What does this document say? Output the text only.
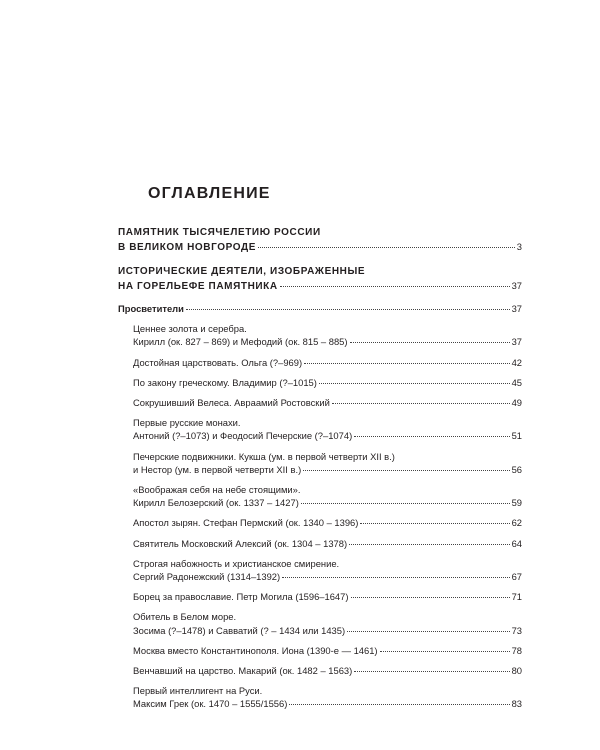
ОГЛАВЛЕНИЕ
ПАМЯТНИК ТЫСЯЧЕЛЕТИЮ РОССИИ
В ВЕЛИКОМ НОВГОРОДЕ	3
ИСТОРИЧЕСКИЕ ДЕЯТЕЛИ, ИЗОБРАЖЕННЫЕ
НА ГОРЕЛЬЕФЕ ПАМЯТНИКА	37
Просветители	37
Ценнее золота и серебра.
Кирилл (ок. 827 – 869) и Мефодий (ок. 815 – 885)	37
Достойная царствовать. Ольга (?–969)	42
По закону греческому. Владимир (?–1015)	45
Сокрушивший Велеса. Авраамий Ростовский	49
Первые русские монахи.
Антоний (?–1073) и Феодосий Печерские (?–1074)	51
Печерские подвижники. Кукша (ум. в первой четверти XII в.)
и Нестор (ум. в первой четверти XII в.)	56
«Воображая себя на небе стоящими».
Кирилл Белозерский (ок. 1337 – 1427)	59
Апостол зырян. Стефан Пермский (ок. 1340 – 1396)	62
Святитель Московский Алексий (ок. 1304 – 1378)	64
Строгая набожность и христианское смирение.
Сергий Радонежский (1314–1392)	67
Борец за православие. Петр Могила (1596–1647)	71
Обитель в Белом море.
Зосима (?–1478) и Савватий (? – 1434 или 1435)	73
Москва вместо Константинополя. Иона (1390-е — 1461)	78
Венчавший на царство. Макарий (ок. 1482 – 1563)	80
Первый интеллигент на Руси.
Максим Грек (ок. 1470 – 1555/1556)	83
